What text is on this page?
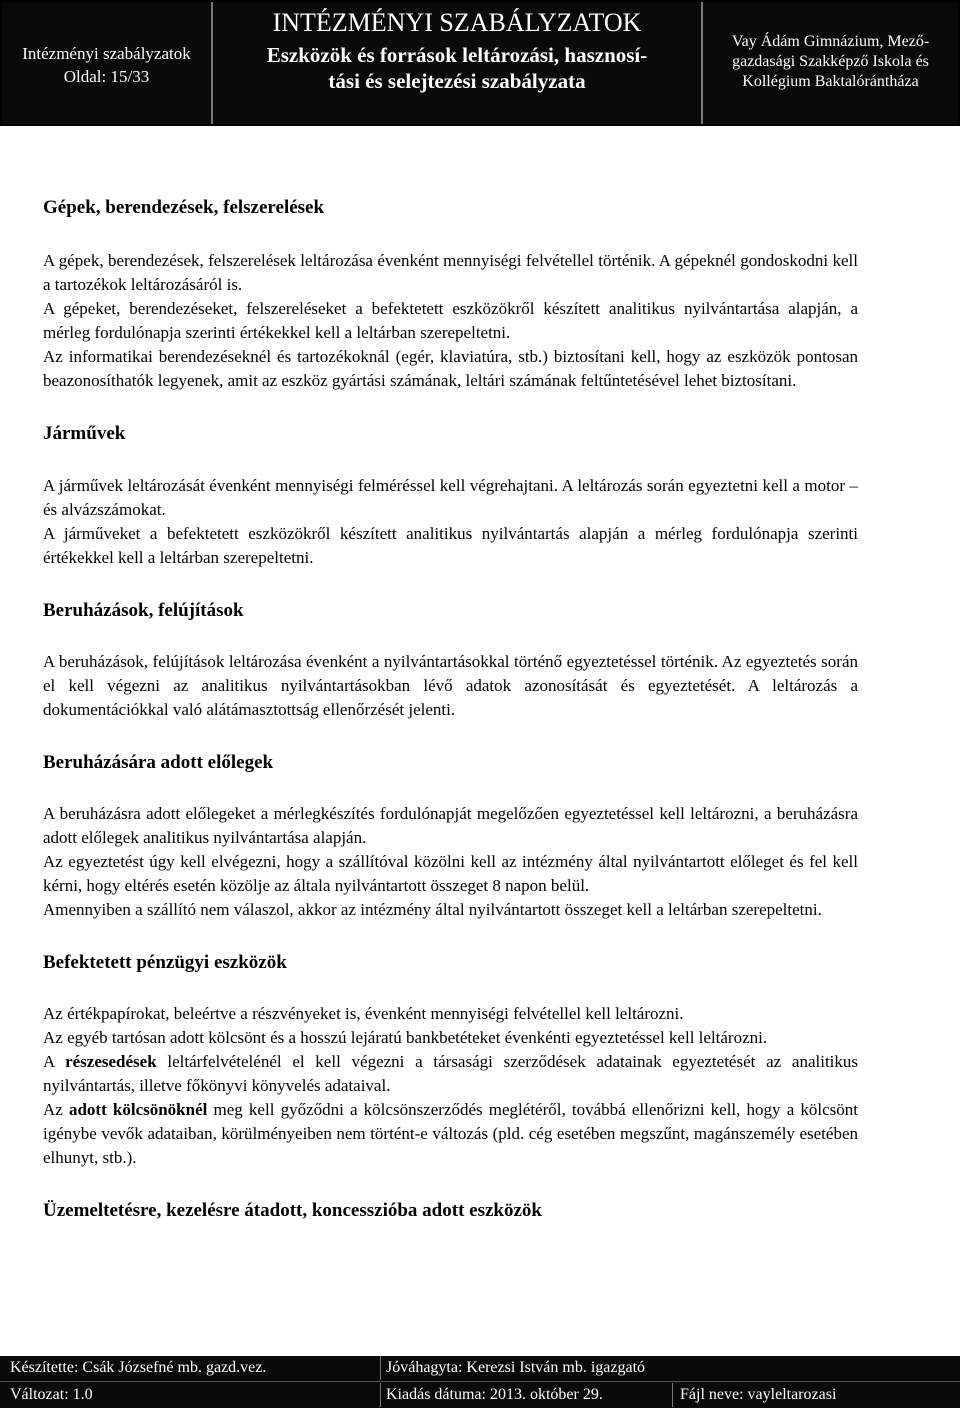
Intézményi szabályzatok
Oldal: 15/33
INTÉZMÉNYI SZABÁLYZATOK
Eszközök és források leltározási, hasznosí-
tási és selejtezési szabályzata
Vay Ádám Gimnázium, Mező-
gazdasági Szakképző Iskola és
Kollégium Baktalórántháza
Gépek, berendezések, felszerelések

A gépek, berendezések, felszerelések leltározása évenként mennyiségi felvétellel történik. A gépeknél gondoskodni kell a tartozékok leltározásáról is.

A gépeket, berendezéseket, felszereléseket a befektetett eszközökről készített analitikus nyilvántartása alapján, a mérleg fordulónapja szerinti értékekkel kell a leltárban szerepeltetni.

Az informatikai berendezéseknél és tartozékoknál (egér, klaviatúra, stb.) biztosítani kell, hogy az eszközök pontosan beazonosíthatók legyenek, amit az eszköz gyártási számának, leltári számának feltűntetésével lehet biztosítani.

Járművek

A járművek leltározását évenként mennyiségi felméréssel kell végrehajtani. A leltározás során egyeztetni kell a motor – és alvázszámokat.

A járműveket a befektetett eszközökről készített analitikus nyilvántartás alapján a mérleg fordulónapja szerinti értékekkel kell a leltárban szerepeltetni.

Beruházások, felújítások

A beruházások, felújítások leltározása évenként a nyilvántartásokkal történő egyeztetéssel történik. Az egyeztetés során el kell végezni az analitikus nyilvántartásokban lévő adatok azonosítását és egyeztetését. A leltározás a dokumentációkkal való alátámasztottság ellenőrzését jelenti.

Beruházására adott előlegek

A beruházásra adott előlegeket a mérlegkészítés fordulónapját megelőzően egyeztetéssel kell leltározni, a beruházásra adott előlegek analitikus nyilvántartása alapján.

Az egyeztetést úgy kell elvégezni, hogy a szállítóval közölni kell az intézmény által nyilvántartott előleget és fel kell kérni, hogy eltérés esetén közölje az általa nyilvántartott összeget 8 napon belül.

Amennyiben a szállító nem válaszol, akkor az intézmény által nyilvántartott összeget kell a leltárban szerepeltetni.

Befektetett pénzügyi eszközök

Az értékpapírokat, beleértve a részvényeket is, évenként mennyiségi felvétellel kell leltározni.

Az egyéb tartósan adott kölcsönt és a hosszú lejáratú bankbetéteket évenkénti egyeztetéssel kell leltározni.

A részesedések leltárfelvételénél el kell végezni a társasági szerződések adatainak egyeztetését az analitikus nyilvántartás, illetve főkönyvi könyvelés adataival.

Az adott kölcsönöknél meg kell győződni a kölcsönszerződés meglétéről, továbbá ellenőrizni kell, hogy a kölcsönt igénybe vevők adataiban, körülményeiben nem történt-e változás (pld. cég esetében megszűnt, magánszemély esetében elhunyt, stb.).

Üzemeltetésre, kezelésre átadott, koncesszióba adott eszközök
Készítette: Csák Józsefné mb. gazd.vez.	Jóváhagyta: Kerezsi István mb. igazgató
Változat: 1.0	Kiadás dátuma: 2013. október 29.	Fájl neve: vayleltarozasi
